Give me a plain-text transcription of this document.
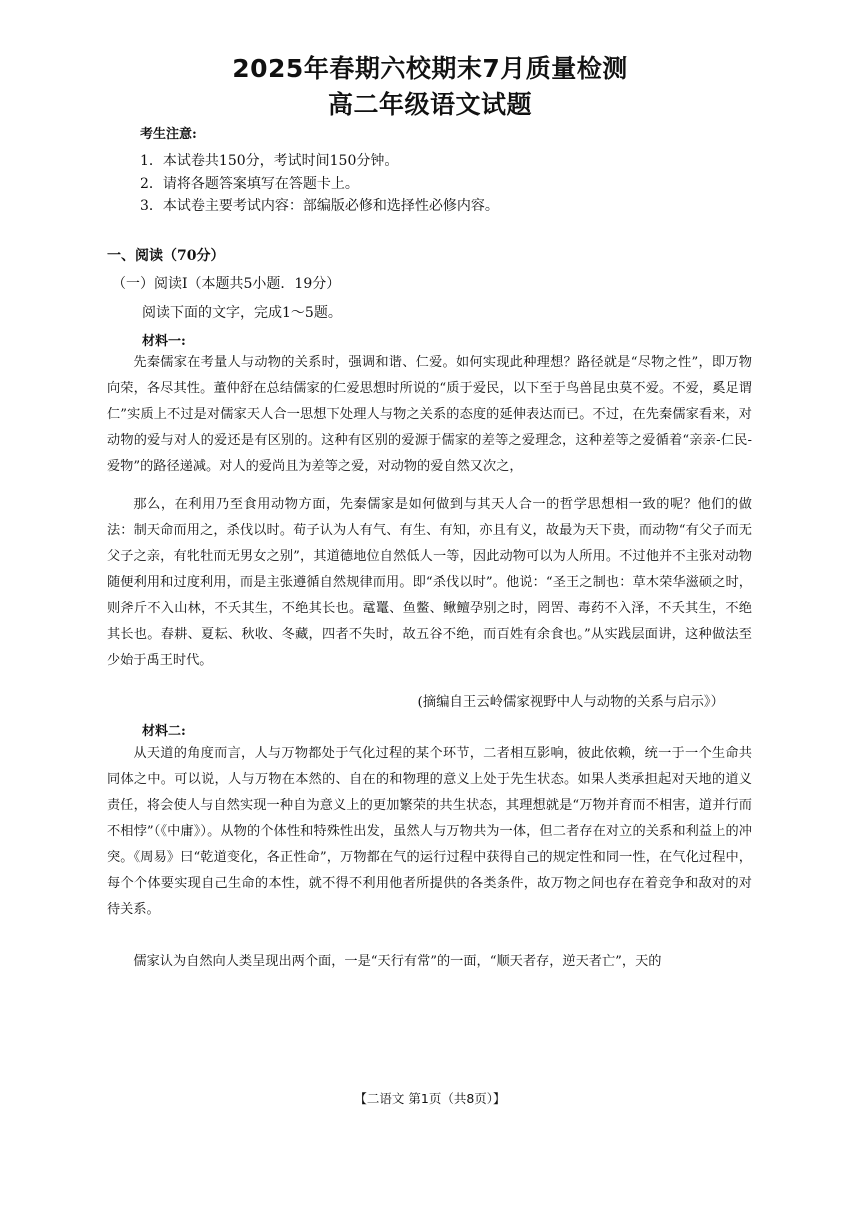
2025年春期六校期末7月质量检测
高二年级语文试题
考生注意:
1．本试卷共150分，考试时间150分钟。
2．请将各题答案填写在答题卡上。
3．本试卷主要考试内容：部编版必修和选择性必修内容。
一、阅读（70分）
（一）阅读Ⅰ（本题共5小题．19分）
阅读下面的文字，完成1～5题。
材料一:

先秦儒家在考量人与动物的关系时，强调和谐、仁爱。如何实现此种理想？路径就是“尽物之性”，即万物向荣，各尽其性。董仲舒在总结儒家的仁爱思想时所说的“质于爱民，以下至于鸟兽昆虫莫不爱。不爱，奚足谓仁”实质上不过是对儒家天人合一思想下处理人与物之关系的态度的延伸表达而已。不过，在先秦儒家看来，对动物的爱与对人的爱还是有区别的。这种有区别的爱源于儒家的差等之爱理念，这种差等之爱循着“亲亲-仁民-爱物”的路径递减。对人的爱尚且为差等之爱，对动物的爱自然又次之，

那么，在利用乃至食用动物方面，先秦儒家是如何做到与其天人合一的哲学思想相一致的呢？他们的做法：制天命而用之，杀伐以时。荀子认为人有气、有生、有知，亦且有义，故最为天下贵，而动物“有父子而无父子之亲，有牝牡而无男女之别”，其道德地位自然低人一等，因此动物可以为人所用。不过他并不主张对动物随便利用和过度利用，而是主张遵循自然规律而用。即“杀伐以时”。他说：“圣王之制也：草木荣华滋硕之时，则斧斤不入山林，不夭其生，不绝其长也。鼋鼍、鱼鳖、鳅鳣孕别之时，罔罟、毒药不入泽，不夭其生，不绝其长也。春耕、夏耘、秋收、冬藏，四者不失时，故五谷不绝，而百姓有余食也。”从实践层面讲，这种做法至少始于禹王时代。

(摘编自王云岭儒家视野中人与动物的关系与启示》）
材料二:

从天道的角度而言，人与万物都处于气化过程的某个环节，二者相互影响，彼此依赖，统一于一个生命共同体之中。可以说，人与万物在本然的、自在的和物理的意义上处于先生状态。如果人类承担起对天地的道义责任，将会使人与自然实现一种自为意义上的更加繁荣的共生状态，其理想就是“万物并育而不相害，道并行而不相悖”（《中庸》）。从物的个体性和特殊性出发，虽然人与万物共为一体，但二者存在对立的关系和利益上的冲突。《周易》曰“乾道变化，各正性命”，万物都在气的运行过程中获得自己的规定性和同一性，在气化过程中，每个个体要实现自己生命的本性，就不得不利用他者所提供的各类条件，故万物之间也存在着竞争和敌对的对待关系。

儒家认为自然向人类呈现出两个面，一是“天行有常”的一面，“顺天者存，逆天者亡”，天的

【二语文 第1页（共8页）】
